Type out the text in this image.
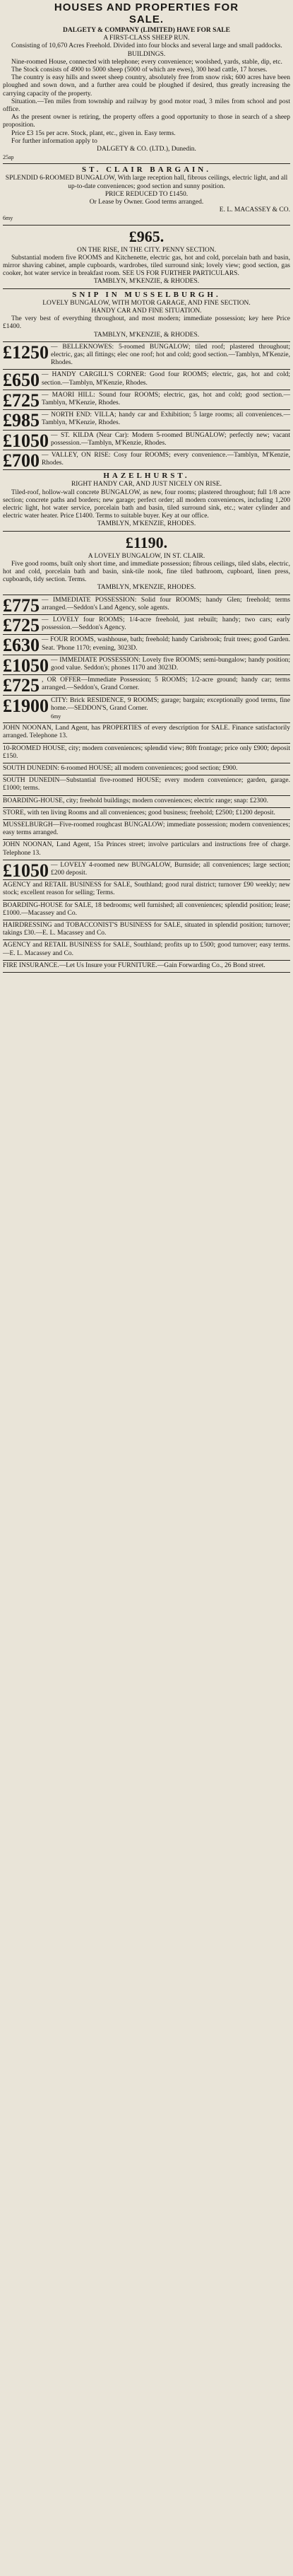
HOUSES AND PROPERTIES FOR
SALE.

DALGETY & COMPANY (LIMITED) HAVE FOR SALE

A FIRST-CLASS SHEEP RUN.

Consisting of 10,670 Acres Freehold. Divided into four blocks and several large and small paddocks.

BUILDINGS.

Nine-roomed House, connected with telephone; every convenience; woolshed, yards, stable, dip, etc.

The Stock consists of 4900 to 5000 sheep (5000 of which are ewes), 300 head cattle, 17 horses.

The country is easy hills and sweet sheep country, absolutely free from snow risk; 600 acres have been ploughed and sown down, and a further area could be ploughed if desired, thus greatly increasing the carrying capacity of the property.

Situation.—Ten miles from township and railway by good motor road, 3 miles from school and post office.

As the present owner is retiring, the property offers a good opportunity to those in search of a sheep proposition.

Price £3 15s per acre. Stock, plant, etc., given in. Easy terms.

For further information apply to

DALGETY & CO. (LTD.), Dunedin.

25ap

ST. CLAIR BARGAIN.

SPLENDID 6-ROOMED BUNGALOW, With large reception hall, fibrous ceilings, electric light, and all up-to-date conveniences; good section and sunny position.

PRICE REDUCED TO £1450.

Or Lease by Owner. Good terms arranged.

E. L. MACASSEY & CO.

6my

£965.

ON THE RISE, IN THE CITY. PENNY SECTION.

Substantial modern five ROOMS and Kitchenette, electric gas, hot and cold, porcelain bath and basin, mirror shaving cabinet, ample cupboards, wardrobes, tiled surround sink; lovely view; good section, gas cooker, hot water service in breakfast room. SEE US FOR FURTHER PARTICULARS.

TAMBLYN, M'KENZIE, & RHODES.

SNIP IN MUSSELBURGH.

LOVELY BUNGALOW, WITH MOTOR GARAGE, AND FINE SECTION.

HANDY CAR AND FINE SITUATION.

The very best of everything throughout, and most modern; immediate possession; key here Price £1400.

TAMBLYN, M'KENZIE, & RHODES.

£1250 — BELLEKNOWES: 5-roomed BUNGALOW; tiled roof; plastered throughout; electric, gas; all fittings; elec one roof; hot and cold; good section.—Tamblyn, M'Kenzie, Rhodes.

£650 — HANDY CARGILL'S CORNER: Good four ROOMS; electric, gas, hot and cold; section.—Tamblyn, M'Kenzie, Rhodes.

£725 — MAORI HILL: Sound four ROOMS; electric, gas, hot and cold; good section.—Tamblyn, M'Kenzie, Rhodes.

£985 — NORTH END: VILLA; handy car and Exhibition; 5 large rooms; all conveniences.—Tamblyn, M'Kenzie, Rhodes.

£1050 — ST. KILDA (Near Car): Modern 5-roomed BUNGALOW; perfectly new; vacant possession.—Tamblyn, M'Kenzie, Rhodes.

£700 — VALLEY, ON RISE: Cosy four ROOMS; every convenience.—Tamblyn, M'Kenzie, Rhodes.

HAZELHURST.

RIGHT HANDY CAR, AND JUST NICELY ON RISE.

Tiled-roof, hollow-wall concrete BUNGALOW, as new, four rooms; plastered throughout; full 1/8 acre section; concrete paths and borders; new garage; perfect order; all modern conveniences, including 1,200 electric light, hot water service, porcelain bath and basin, tiled surround sink, etc.; water cylinder and electric water heater. Price £1400. Terms to suitable buyer. Key at our office.

TAMBLYN, M'KENZIE, RHODES.

£1190.

A LOVELY BUNGALOW, IN ST. CLAIR.

Five good rooms, built only short time, and immediate possession; fibrous ceilings, tiled slabs, electric, hot and cold, porcelain bath and basin, sink-tile nook, fine tiled bathroom, cupboard, linen press, cupboards, tidy section. Terms.

TAMBLYN, M'KENZIE, RHODES.

£775 — IMMEDIATE POSSESSION: Solid four ROOMS; handy Glen; freehold; terms arranged.—Seddon's Land Agency, sole agents.

£725 — LOVELY four ROOMS; 1/4-acre freehold, just rebuilt; handy; two cars; early possession.—Seddon's Agency.

£630 — FOUR ROOMS, washhouse, bath; freehold; handy Carisbrook; fruit trees; good Garden. Seat. 'Phone 1170; evening, 3023D.

£1050 — IMMEDIATE POSSESSION: Lovely five ROOMS; semi-bungalow; handy position; good value. Seddon's; phones 1170 and 3023D.

£725 , OR OFFER—Immediate Possession; 5 ROOMS; 1/2-acre ground; handy car; terms arranged.—Seddon's, Grand Corner.

£1900 CITY: Brick RESIDENCE, 9 ROOMS; garage; bargain; exceptionally good terms, fine home.—SEDDON'S, Grand Corner.

6my

JOHN NOONAN, Land Agent, has PROPERTIES of every description for SALE. Finance satisfactorily arranged. Telephone 13.

10-ROOMED HOUSE, city; modern conveniences; splendid view; 80ft frontage; price only £900; deposit £150.

SOUTH DUNEDIN: 6-roomed HOUSE; all modern conveniences; good section; £900.

SOUTH DUNEDIN—Substantial five-roomed HOUSE; every modern convenience; garden, garage. £1000; terms.

BOARDING-HOUSE, city; freehold buildings; modern conveniences; electric range; snap: £2300.

STORE, with ten living Rooms and all conveniences; good business; freehold; £2500; £1200 deposit.

MUSSELBURGH—Five-roomed roughcast BUNGALOW; immediate possession; modern conveniences; easy terms arranged.

JOHN NOONAN, Land Agent, 15a Princes street; involve particulars and instructions free of charge. Telephone 13.

£1050 — LOVELY 4-roomed new BUNGALOW, Burnside; all conveniences; large section; £200 deposit.

AGENCY and RETAIL BUSINESS for SALE, Southland; good rural district; turnover £90 weekly; new stock; excellent reason for selling; Terms.

BOARDING-HOUSE for SALE, 18 bedrooms; well furnished; all conveniences; splendid position; lease; £1000.—Macassey and Co.

HAIRDRESSING and TOBACCONIST'S BUSINESS for SALE, situated in splendid position; turnover; takings £30.—E. L. Macassey and Co.

AGENCY and RETAIL BUSINESS for SALE, Southland; profits up to £500; good turnover; easy terms.—E. L. Macassey and Co.

FIRE INSURANCE.—Let Us Insure your FURNITURE.—Gain Forwarding Co., 26 Bond street.
